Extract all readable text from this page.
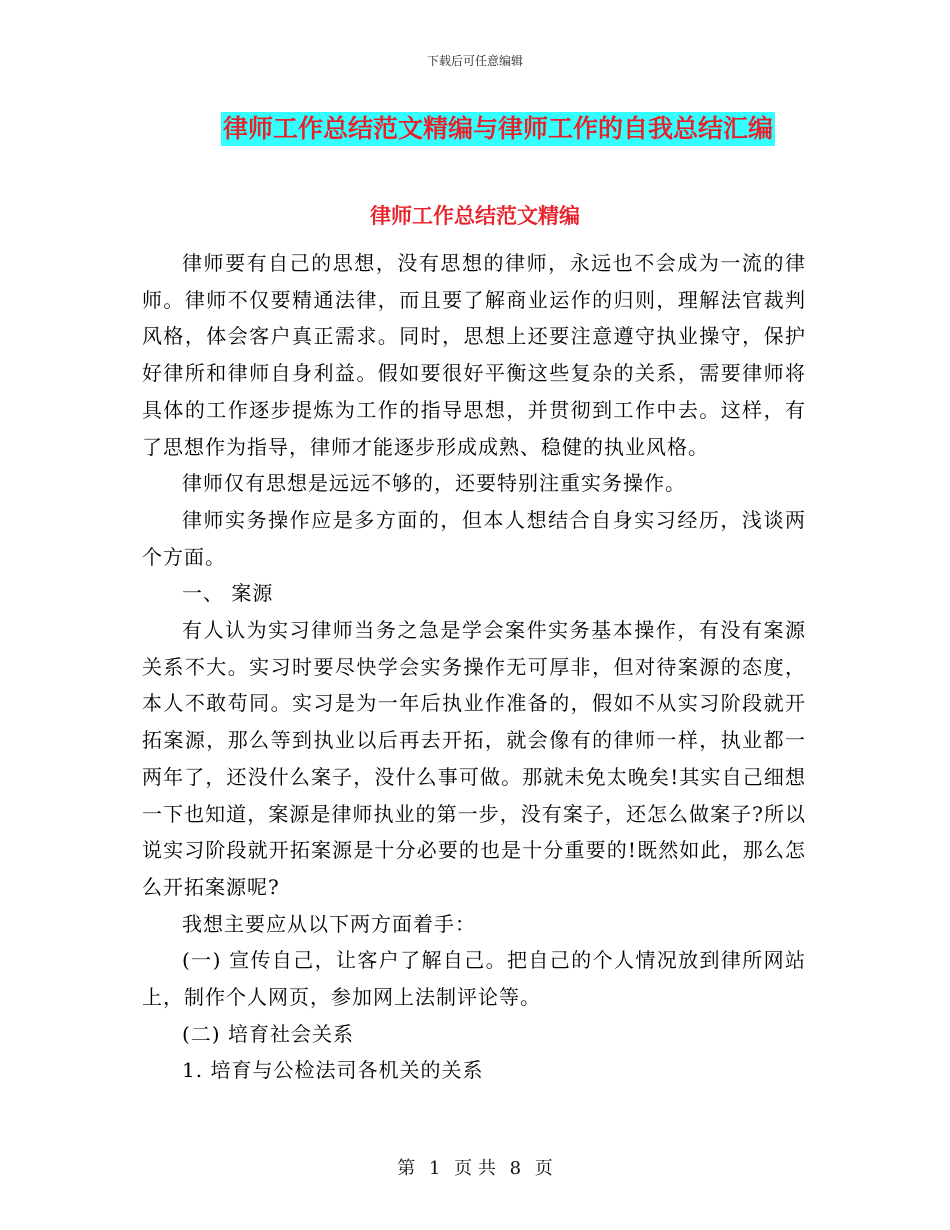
下载后可任意编辑
律师工作总结范文精编与律师工作的自我总结汇编
律师工作总结范文精编

律师要有自己的思想，没有思想的律师，永远也不会成为一流的律师。律师不仅要精通法律，而且要了解商业运作的归则，理解法官裁判风格，体会客户真正需求。同时，思想上还要注意遵守执业操守，保护好律所和律师自身利益。假如要很好平衡这些复杂的关系，需要律师将具体的工作逐步提炼为工作的指导思想，并贯彻到工作中去。这样，有了思想作为指导，律师才能逐步形成成熟、稳健的执业风格。

律师仅有思想是远远不够的，还要特别注重实务操作。

律师实务操作应是多方面的，但本人想结合自身实习经历，浅谈两个方面。

一、 案源

有人认为实习律师当务之急是学会案件实务基本操作，有没有案源关系不大。实习时要尽快学会实务操作无可厚非，但对待案源的态度，本人不敢苟同。实习是为一年后执业作准备的，假如不从实习阶段就开拓案源，那么等到执业以后再去开拓，就会像有的律师一样，执业都一两年了，还没什么案子，没什么事可做。那就未免太晚矣!其实自己细想一下也知道，案源是律师执业的第一步，没有案子，还怎么做案子?所以说实习阶段就开拓案源是十分必要的也是十分重要的!既然如此，那么怎么开拓案源呢?

我想主要应从以下两方面着手：

(一) 宣传自己，让客户了解自己。把自己的个人情况放到律所网站上，制作个人网页，参加网上法制评论等。

(二) 培育社会关系

1. 培育与公检法司各机关的关系

第 1 页 共 8 页
